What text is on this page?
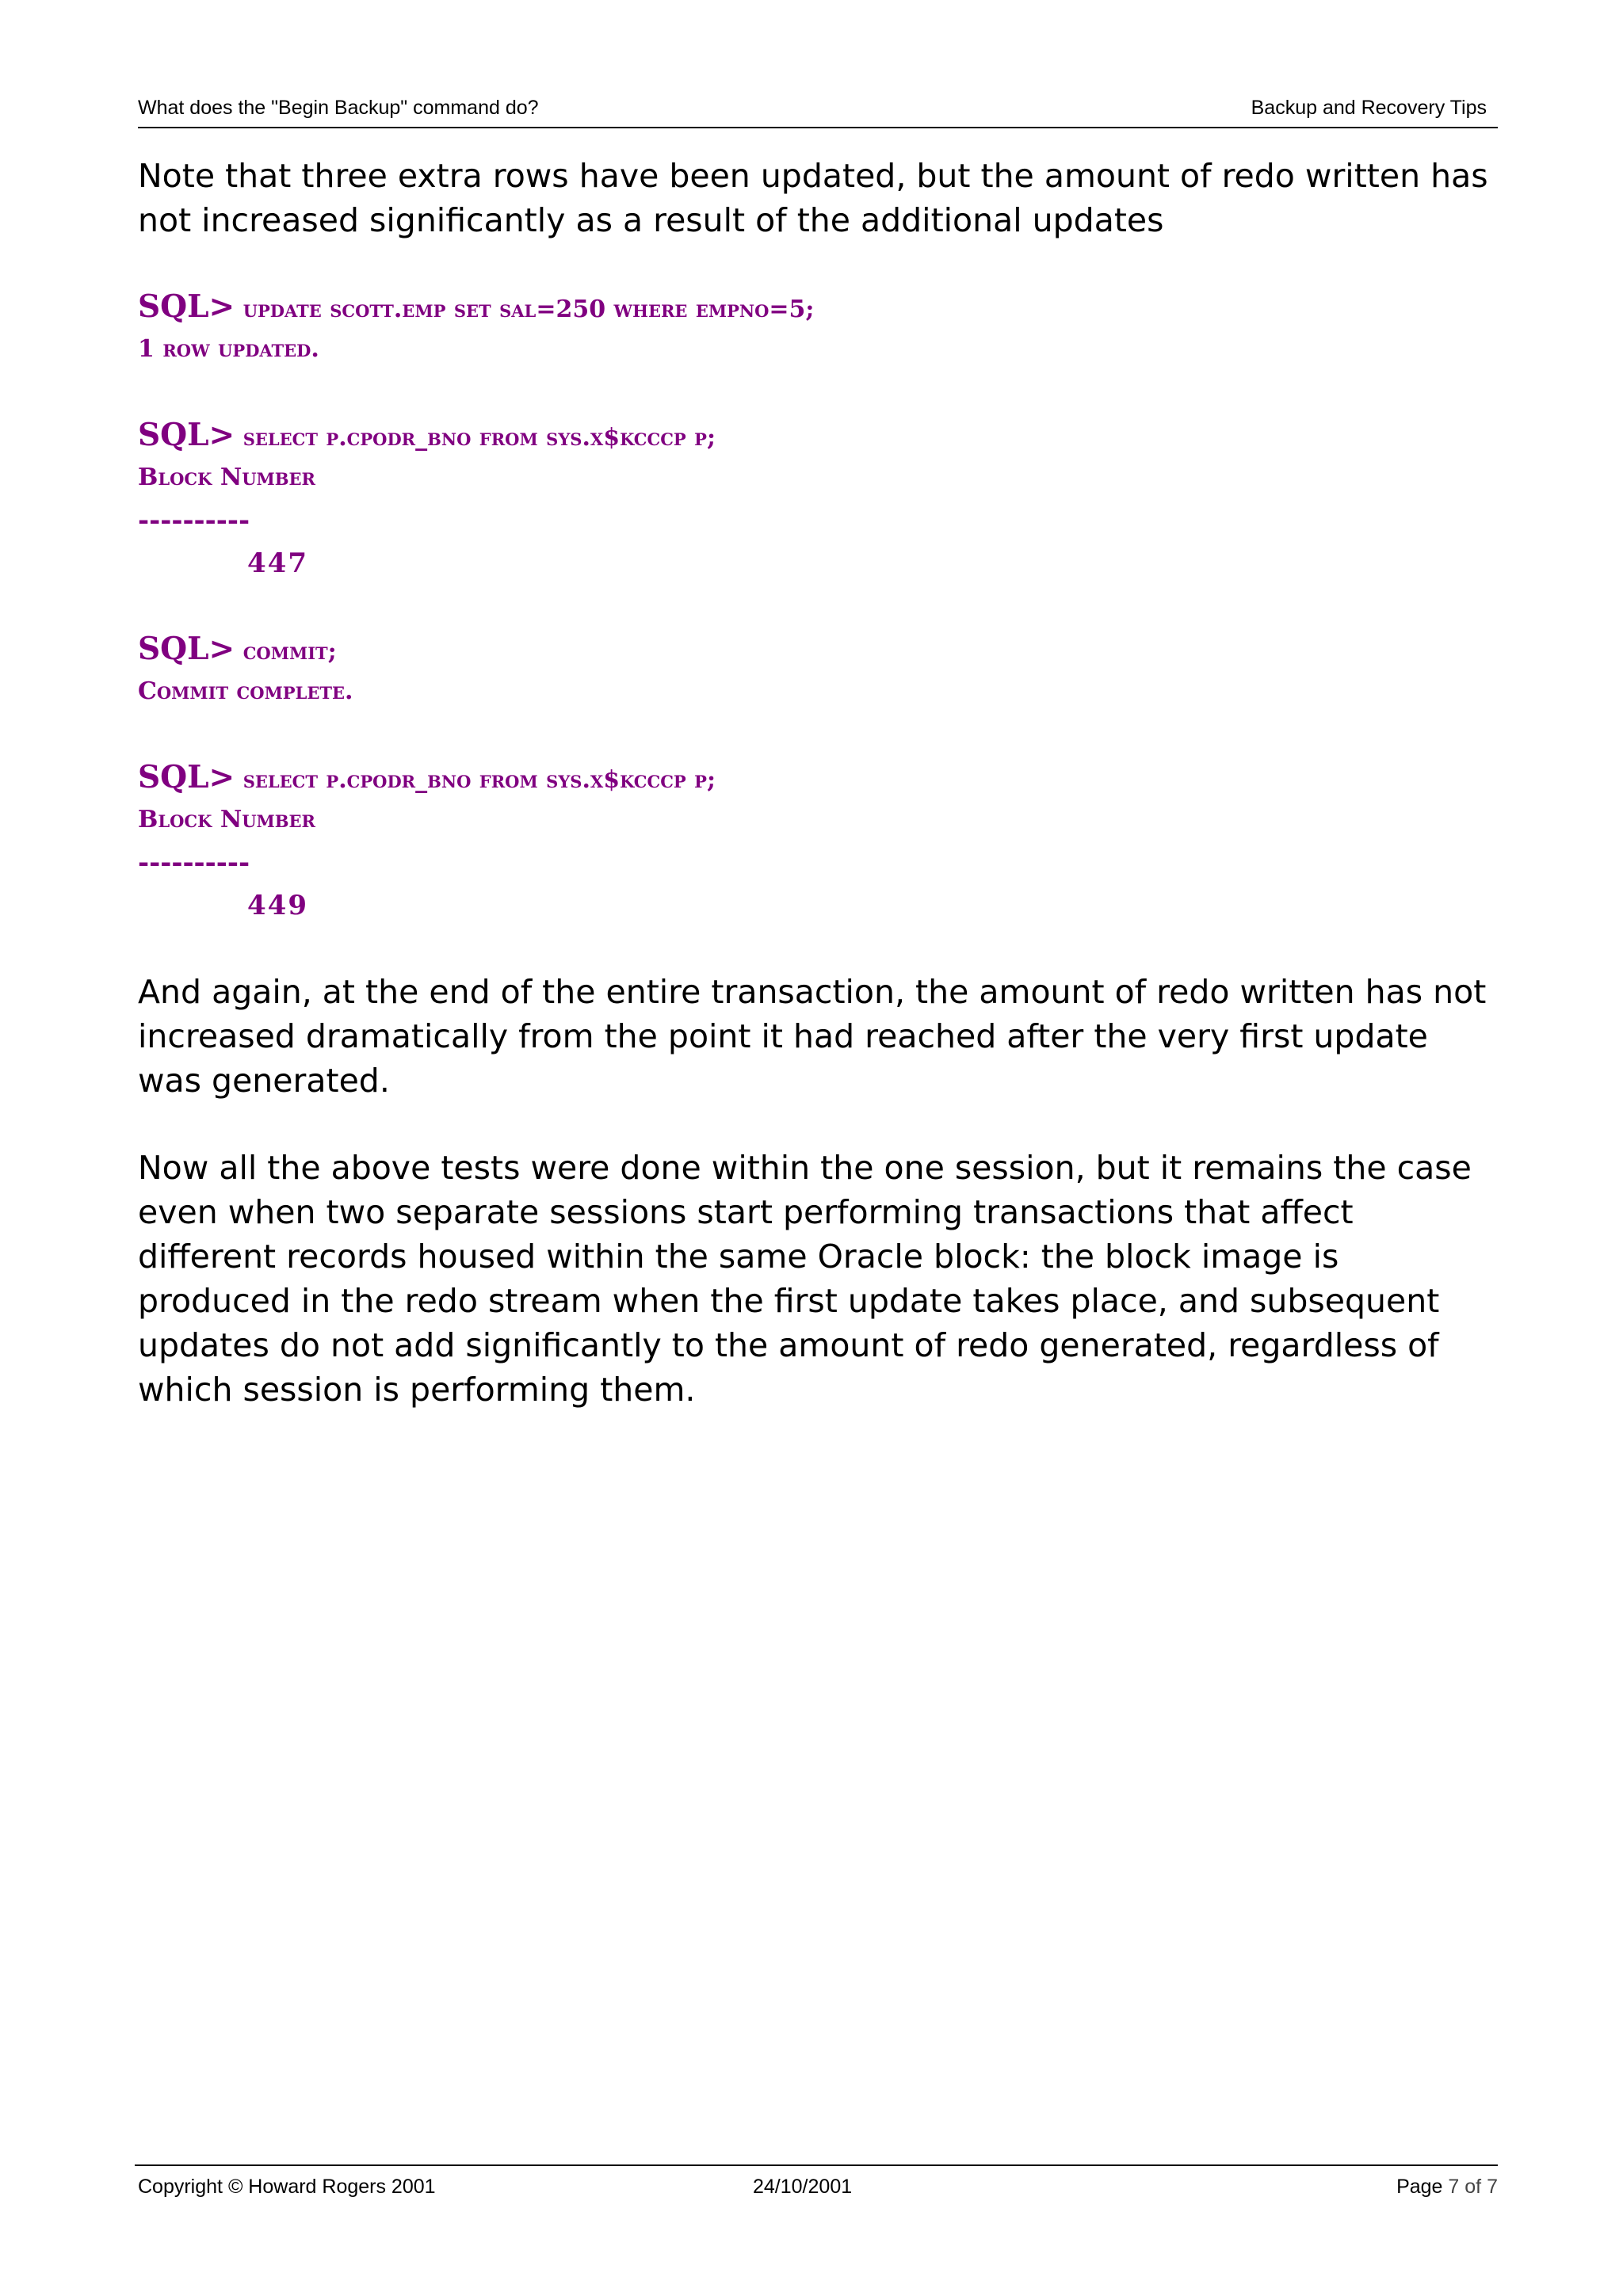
What does the "Begin Backup" command do?	Backup and Recovery Tips
Note that three extra rows have been updated, but the amount of redo written has not increased significantly as a result of the additional updates
SQL> update scott.emp set sal=250 where empno=5;
1 row updated.
SQL> select p.cpodr_bno from sys.x$kcccp p;
Block Number
----------
447
SQL> commit;
Commit complete.
SQL> select p.cpodr_bno from sys.x$kcccp p;
Block Number
----------
449
And again, at the end of the entire transaction, the amount of redo written has not increased dramatically from the point it had reached after the very first update was generated.
Now all the above tests were done within the one session, but it remains the case even when two separate sessions start performing transactions that affect different records housed within the same Oracle block: the block image is produced in the redo stream when the first update takes place, and subsequent updates do not add significantly to the amount of redo generated, regardless of which session is performing them.
Copyright © Howard Rogers 2001	24/10/2001	Page 7 of 7
